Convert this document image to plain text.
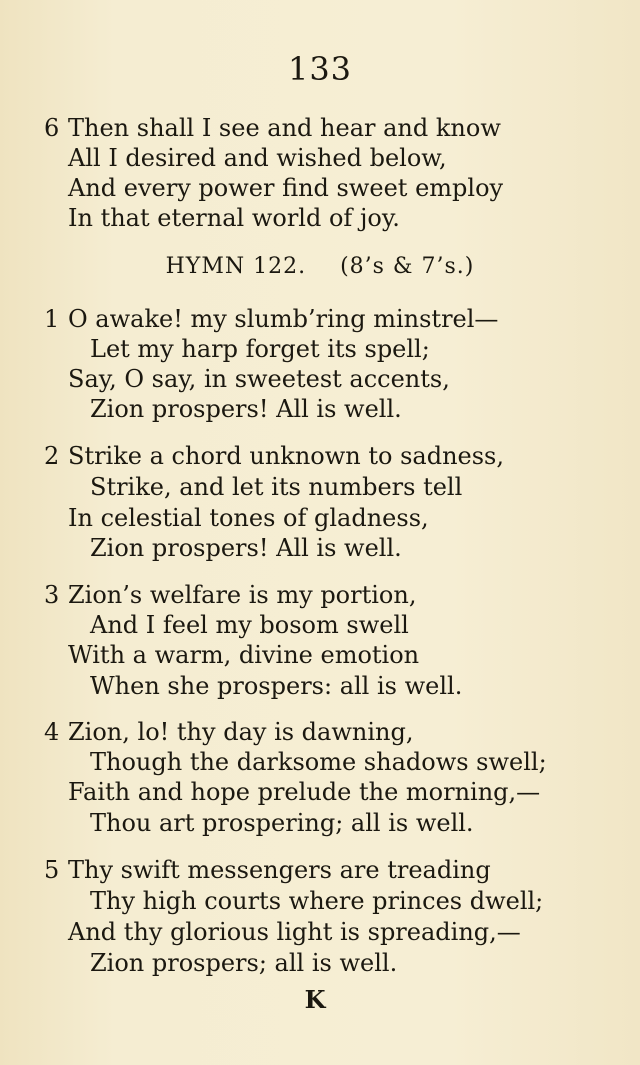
133
6 Then shall I see and hear and know
All I desired and wished below,
And every power find sweet employ
In that eternal world of joy.
HYMN 122. (8’s & 7’s.)
1 O awake! my slumb’ring minstrel—
Let my harp forget its spell;
Say, O say, in sweetest accents,
Zion prospers! All is well.
2 Strike a chord unknown to sadness,
Strike, and let its numbers tell
In celestial tones of gladness,
Zion prospers! All is well.
3 Zion’s welfare is my portion,
And I feel my bosom swell
With a warm, divine emotion
When she prospers: all is well.
4 Zion, lo! thy day is dawning,
Though the darksome shadows swell;
Faith and hope prelude the morning,—
Thou art prospering; all is well.
5 Thy swift messengers are treading
Thy high courts where princes dwell;
And thy glorious light is spreading,—
Zion prospers; all is well.
K
